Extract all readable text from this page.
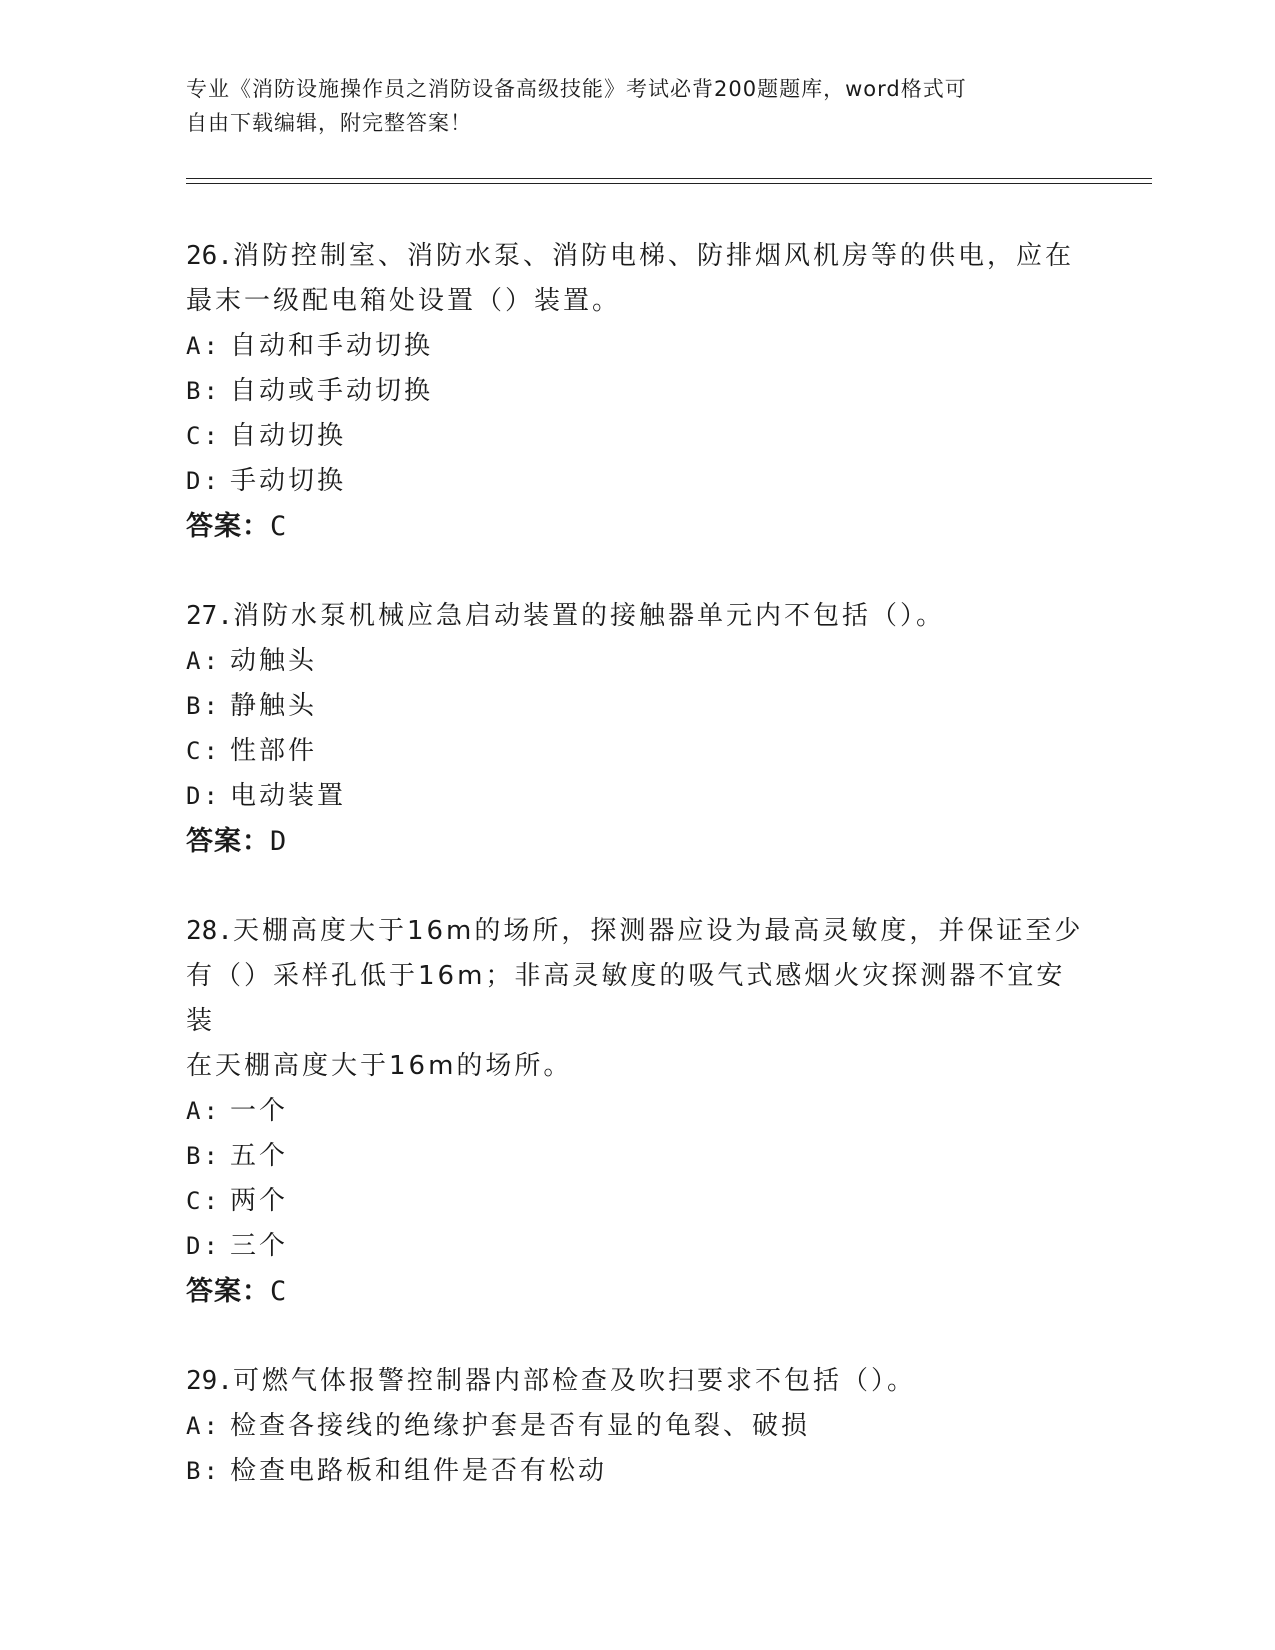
专业《消防设施操作员之消防设备高级技能》考试必背200题题库，word格式可
自由下载编辑，附完整答案！

26.消防控制室、消防水泵、消防电梯、防排烟风机房等的供电，应在

最末一级配电箱处设置（）装置。

A: 自动和手动切换

B: 自动或手动切换

C: 自动切换

D: 手动切换

答案：C

27.消防水泵机械应急启动装置的接触器单元内不包括（）。

A: 动触头

B: 静触头

C: 性部件

D: 电动装置

答案：D

28.天棚高度大于16m的场所，探测器应设为最高灵敏度，并保证至少

有（）采样孔低于16m；非高灵敏度的吸气式感烟火灾探测器不宜安装

在天棚高度大于16m的场所。

A: 一个

B: 五个

C: 两个

D: 三个

答案：C

29.可燃气体报警控制器内部检查及吹扫要求不包括（）。

A: 检查各接线的绝缘护套是否有显的龟裂、破损

B: 检查电路板和组件是否有松动
